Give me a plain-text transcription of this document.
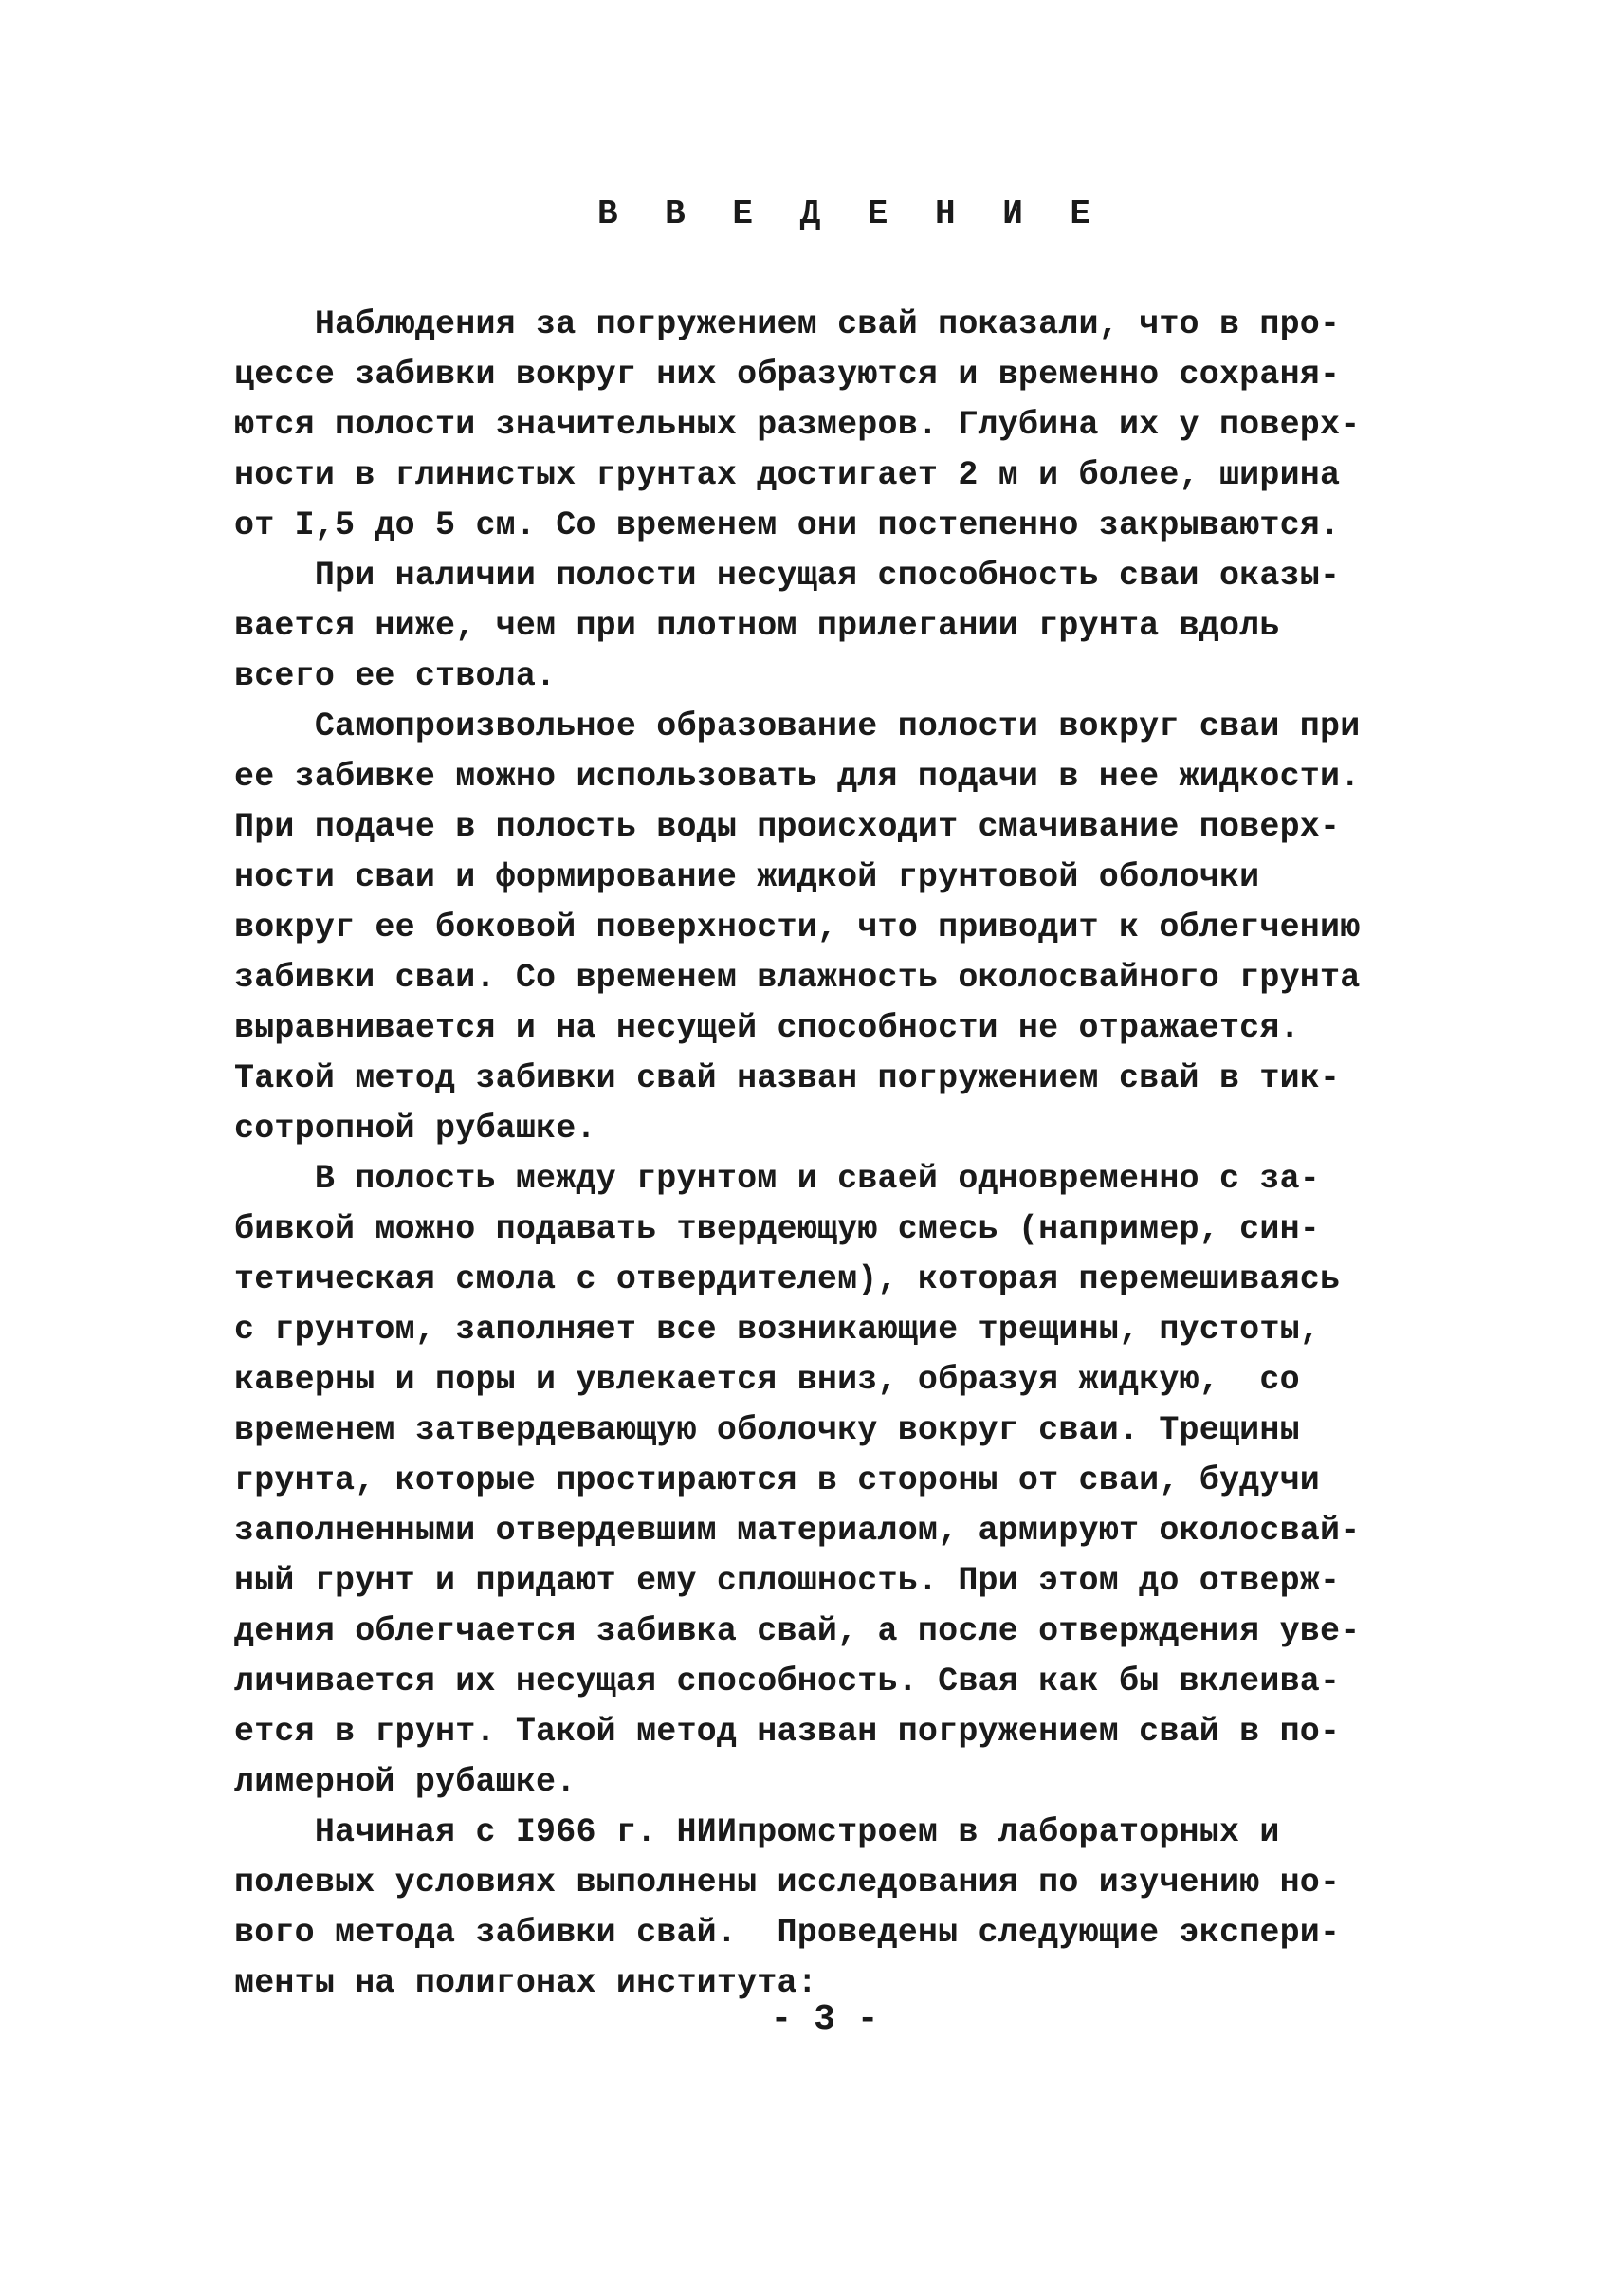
В В Е Д Е Н И Е
Наблюдения за погружением свай показали, что в про-
цессе забивки вокруг них образуются и временно сохраня-
ются полости значительных размеров. Глубина их у поверх-
ности в глинистых грунтах достигает 2 м и более, ширина
от I,5 до 5 см. Со временем они постепенно закрываются.
При наличии полости несущая способность сваи оказы-
вается ниже, чем при плотном прилегании грунта вдоль
всего ее ствола.
Самопроизвольное образование полости вокруг сваи при
ее забивке можно использовать для подачи в нее жидкости.
При подаче в полость воды происходит смачивание поверх-
ности сваи и формирование жидкой грунтовой оболочки
вокруг ее боковой поверхности, что приводит к облегчению
забивки сваи. Со временем влажность околосвайного грунта
выравнивается и на несущей способности не отражается.
Такой метод забивки свай назван погружением свай в тик-
сотропной рубашке.
В полость между грунтом и сваей одновременно с за-
бивкой можно подавать твердеющую смесь (например, син-
тетическая смола с отвердителем), которая перемешиваясь
с грунтом, заполняет все возникающие трещины, пустоты,
каверны и поры и увлекается вниз, образуя жидкую,  со
временем затвердевающую оболочку вокруг сваи. Трещины
грунта, которые простираются в стороны от сваи, будучи
заполненными отвердевшим материалом, армируют околосвай-
ный грунт и придают ему сплошность. При этом до отверж-
дения облегчается забивка свай, а после отверждения уве-
личивается их несущая способность. Свая как бы вклеива-
ется в грунт. Такой метод назван погружением свай в по-
лимерной рубашке.
Начиная с I966 г. НИИпромстроем в лабораторных и
полевых условиях выполнены исследования по изучению но-
вого метода забивки свай.  Проведены следующие экспери-
менты на полигонах института:
- 3 -
